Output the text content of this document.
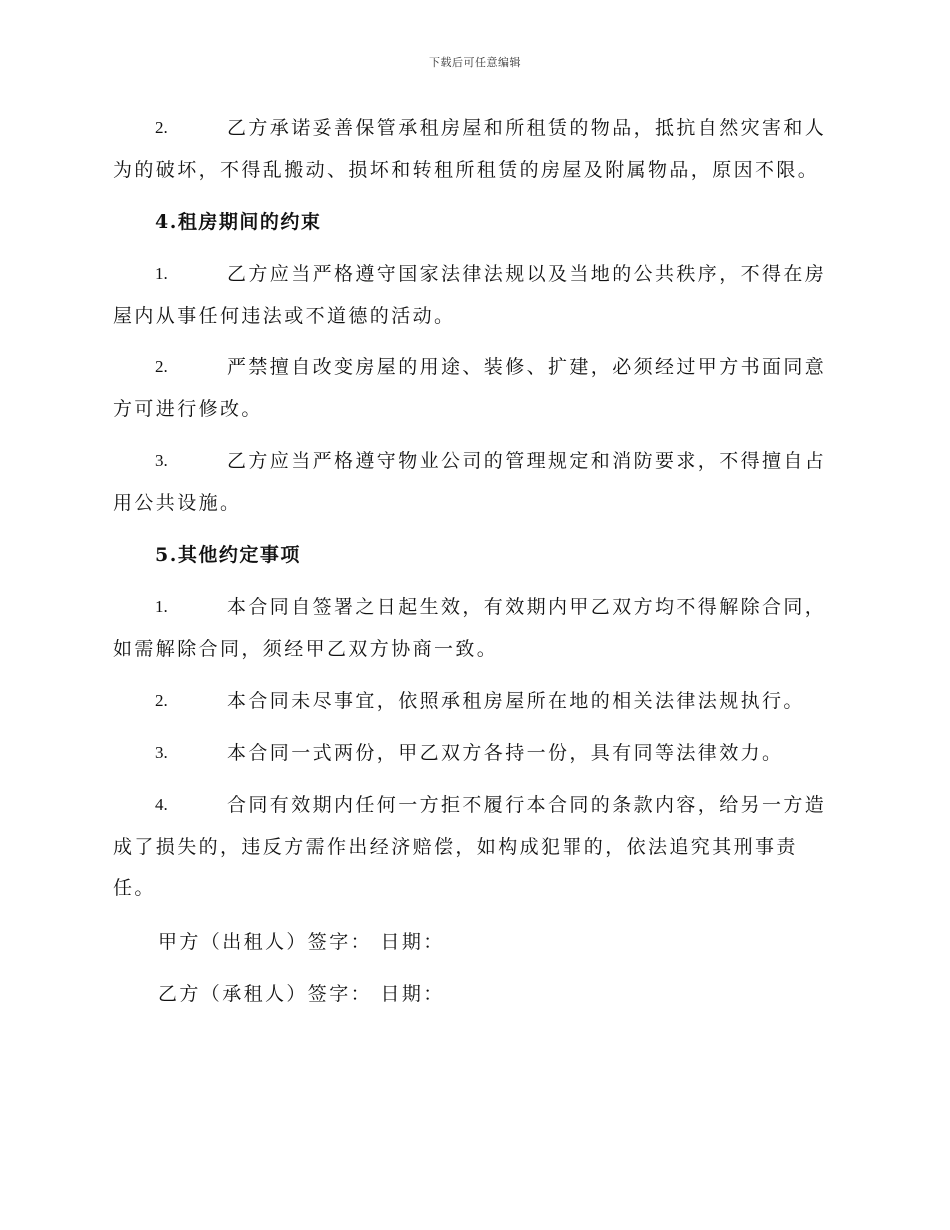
下载后可任意编辑
2.	乙方承诺妥善保管承租房屋和所租赁的物品，抵抗自然灾害和人
为的破坏，不得乱搬动、损坏和转租所租赁的房屋及附属物品，原因不限。
4.租房期间的约束
1.	乙方应当严格遵守国家法律法规以及当地的公共秩序，不得在房
屋内从事任何违法或不道德的活动。
2.	严禁擅自改变房屋的用途、装修、扩建，必须经过甲方书面同意
方可进行修改。
3.	乙方应当严格遵守物业公司的管理规定和消防要求，不得擅自占
用公共设施。
5.其他约定事项
1.	本合同自签署之日起生效，有效期内甲乙双方均不得解除合同，
如需解除合同，须经甲乙双方协商一致。
2.	本合同未尽事宜，依照承租房屋所在地的相关法律法规执行。
3.	本合同一式两份，甲乙双方各持一份，具有同等法律效力。
4.	合同有效期内任何一方拒不履行本合同的条款内容，给另一方造
成了损失的，违反方需作出经济赔偿，如构成犯罪的，依法追究其刑事责
任。
甲方（出租人）签字： 日期：
乙方（承租人）签字： 日期：
